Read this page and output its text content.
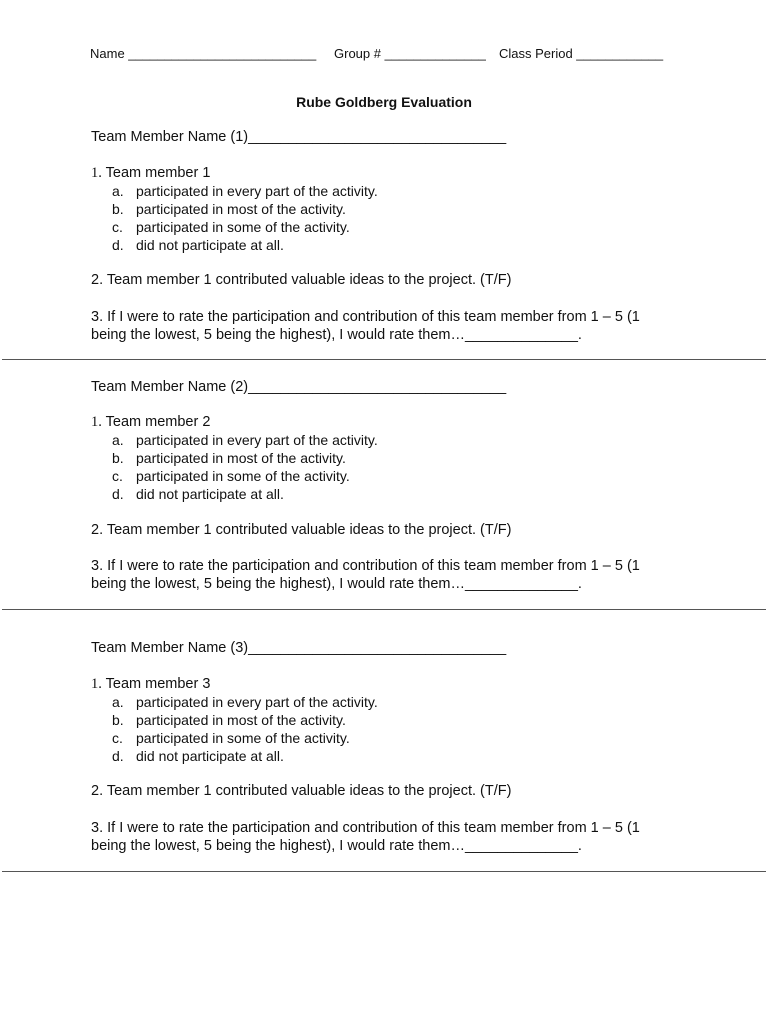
Name __________________________ Group # ______________ Class Period ____________
Rube Goldberg Evaluation
Team Member Name (1)________________________________
1. Team member 1
a. participated in every part of the activity.
b. participated in most of the activity.
c. participated in some of the activity.
d. did not participate at all.
2. Team member 1 contributed valuable ideas to the project. (T/F)
3. If I were to rate the participation and contribution of this team member from 1 – 5 (1
being the lowest, 5 being the highest), I would rate them…______________.
Team Member Name (2)________________________________
1. Team member 2
a. participated in every part of the activity.
b. participated in most of the activity.
c. participated in some of the activity.
d. did not participate at all.
2. Team member 1 contributed valuable ideas to the project. (T/F)
3. If I were to rate the participation and contribution of this team member from 1 – 5 (1
being the lowest, 5 being the highest), I would rate them…______________.
Team Member Name (3)________________________________
1. Team member 3
a. participated in every part of the activity.
b. participated in most of the activity.
c. participated in some of the activity.
d. did not participate at all.
2. Team member 1 contributed valuable ideas to the project. (T/F)
3. If I were to rate the participation and contribution of this team member from 1 – 5 (1
being the lowest, 5 being the highest), I would rate them…______________.
